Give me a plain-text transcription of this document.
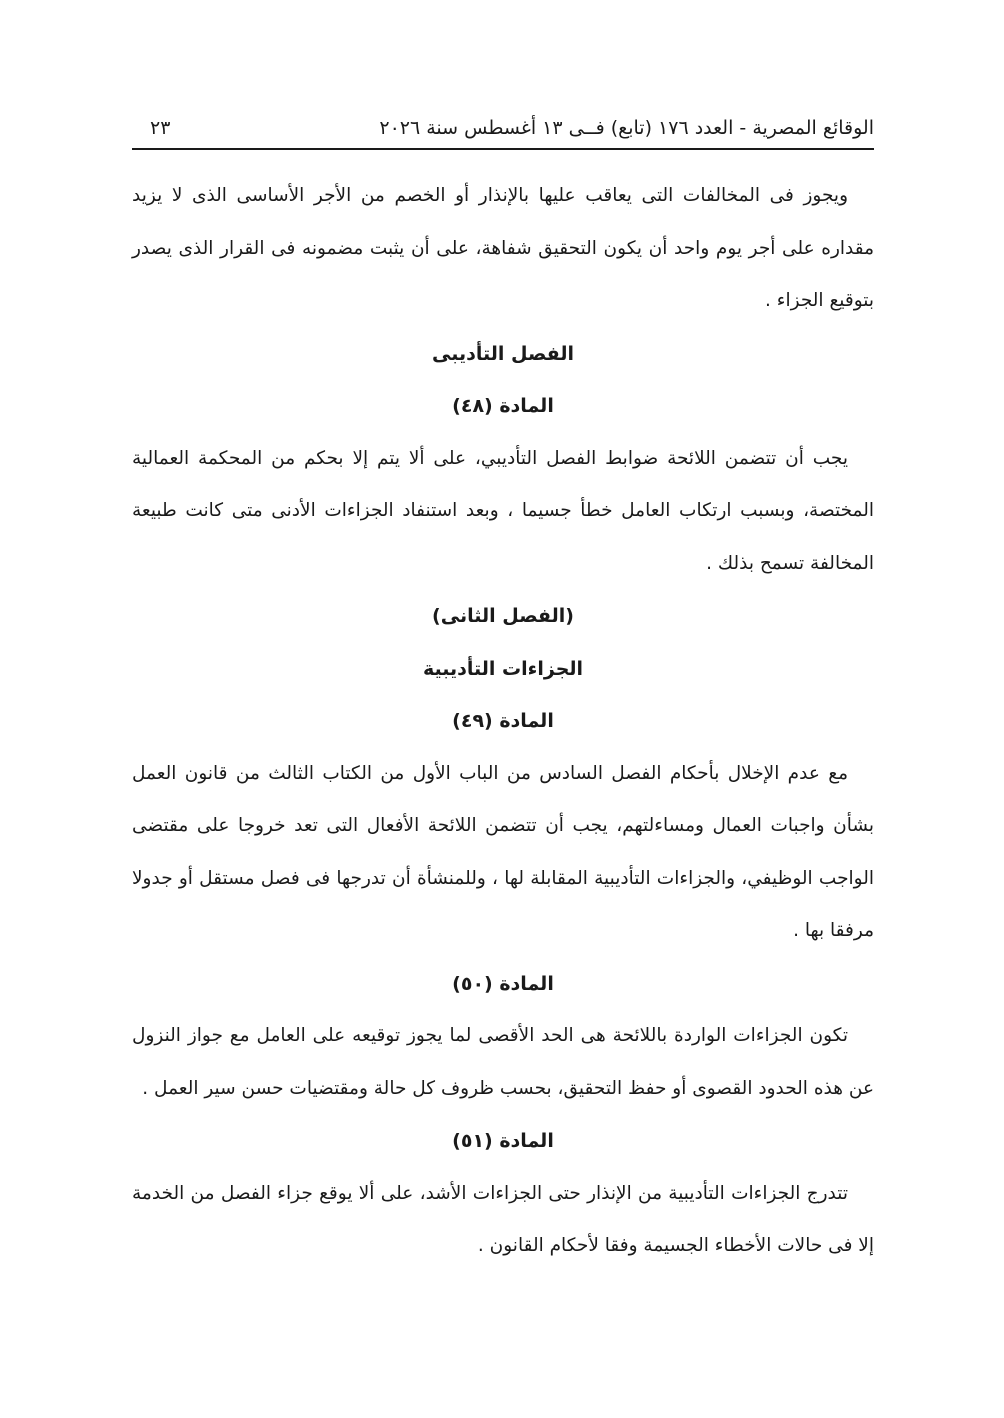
الوقائع المصرية - العدد ١٧٦ (تابع) فــى ١٣ أغسطس سنة ٢٠٢٦
٢٣

ويجوز فى المخالفات التى يعاقب عليها بالإنذار أو الخصم من الأجر الأساسى الذى لا يزيد مقداره على أجر يوم واحد أن يكون التحقيق شفاهة، على أن يثبت مضمونه فى القرار الذى يصدر بتوقيع الجزاء .

الفصل التأديبى

المادة (٤٨)

يجب أن تتضمن اللائحة ضوابط الفصل التأديبي، على ألا يتم إلا بحكم من المحكمة العمالية المختصة، وبسبب ارتكاب العامل خطأ جسيما ، وبعد استنفاد الجزاءات الأدنى متى كانت طبيعة المخالفة تسمح بذلك .

(الفصل الثانى)

الجزاءات التأديبية

المادة (٤٩)

مع عدم الإخلال بأحكام الفصل السادس من الباب الأول من الكتاب الثالث من قانون العمل بشأن واجبات العمال ومساءلتهم، يجب أن تتضمن اللائحة الأفعال التى تعد خروجا على مقتضى الواجب الوظيفي، والجزاءات التأديبية المقابلة لها ، وللمنشأة أن تدرجها فى فصل مستقل أو جدولا مرفقا بها .

المادة (٥٠)

تكون الجزاءات الواردة باللائحة هى الحد الأقصى لما يجوز توقيعه على العامل مع جواز النزول عن هذه الحدود القصوى أو حفظ التحقيق، بحسب ظروف كل حالة ومقتضيات حسن سير العمل .

المادة (٥١)

تتدرج الجزاءات التأديبية من الإنذار حتى الجزاءات الأشد، على ألا يوقع جزاء الفصل من الخدمة إلا فى حالات الأخطاء الجسيمة وفقا لأحكام القانون .
